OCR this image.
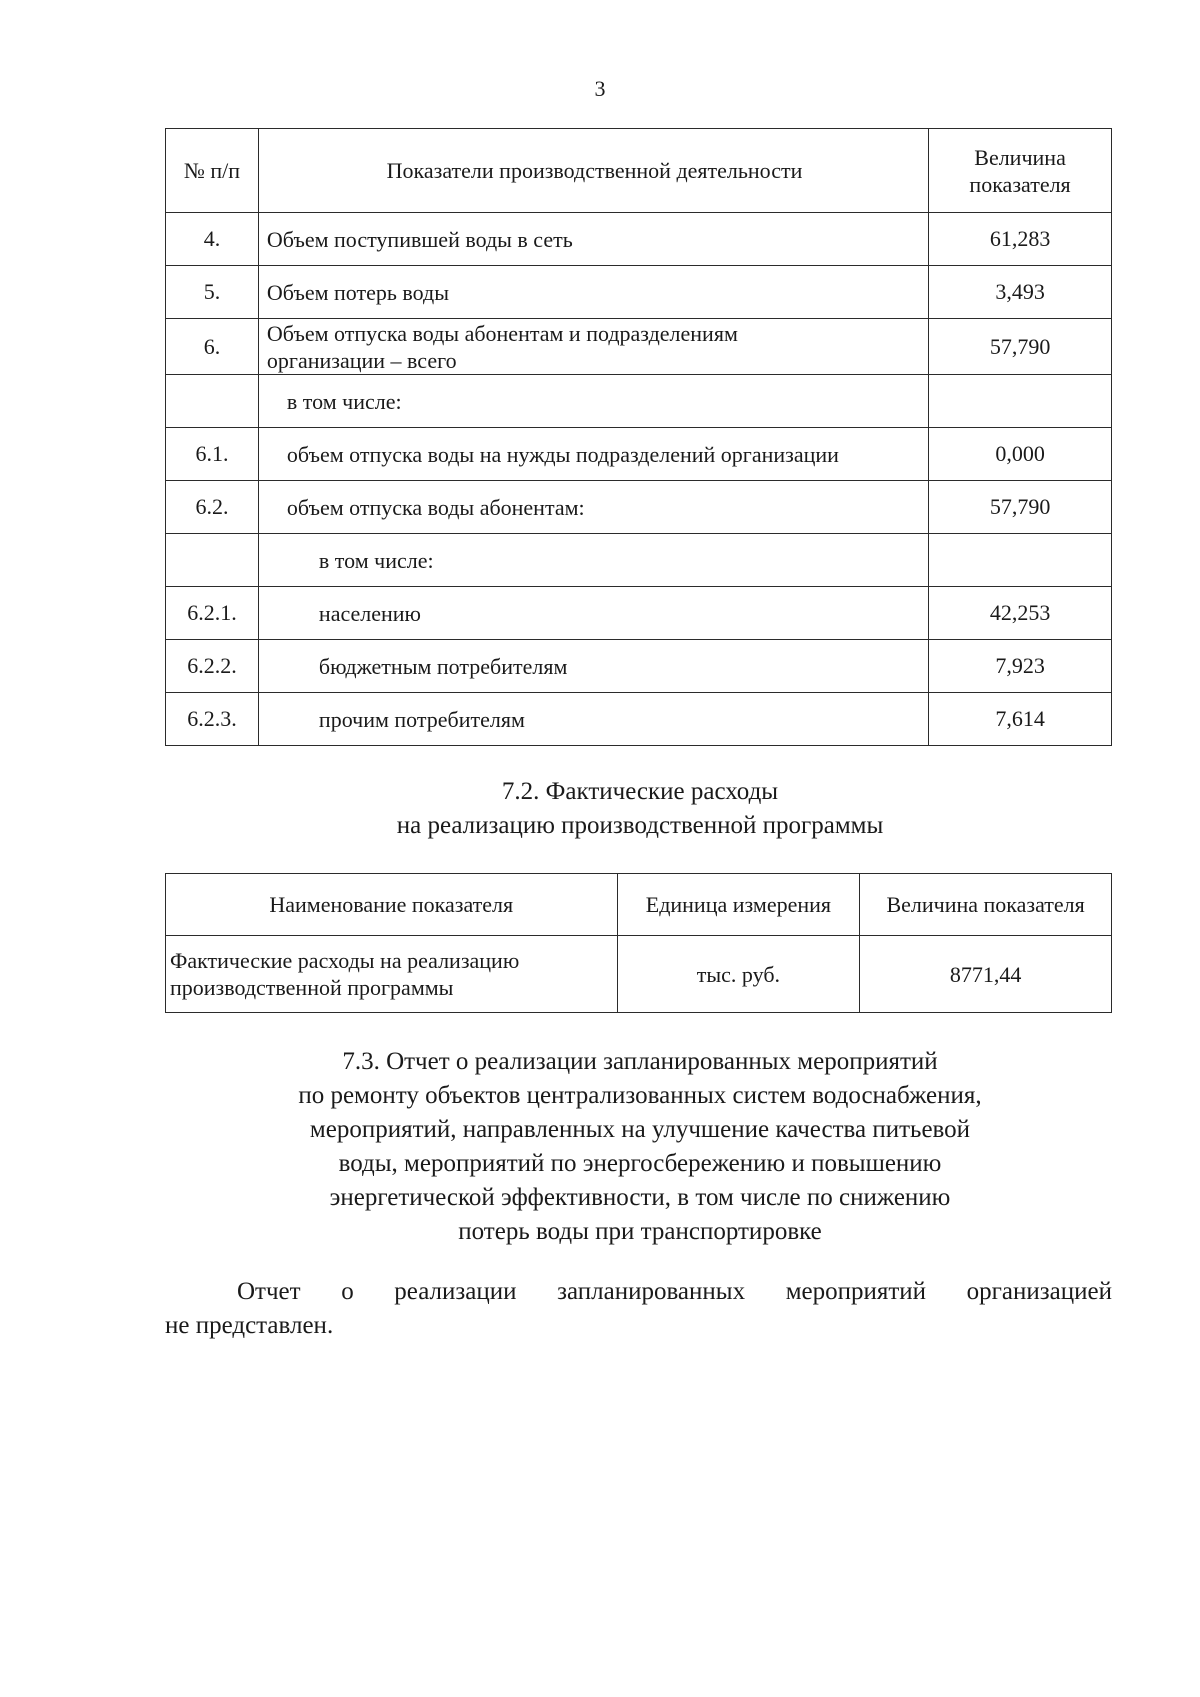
3
№ п/п	Показатели производственной деятельности	Величина
показателя
4.	Объем поступившей воды в сеть	61,283
5.	Объем потерь воды	3,493
6.	Объем отпуска воды абонентам и подразделениям
организации – всего	57,790
	в том числе:	
6.1.	объем отпуска воды на нужды подразделений организации	0,000
6.2.	объем отпуска воды абонентам:	57,790
	в том числе:	
6.2.1.	населению	42,253
6.2.2.	бюджетным потребителям	7,923
6.2.3.	прочим потребителям	7,614
7.2. Фактические расходы
на реализацию производственной программы
Наименование показателя	Единица измерения	Величина показателя
Фактические расходы на реализацию
производственной программы	тыс. руб.	8771,44
7.3. Отчет о реализации запланированных мероприятий
по ремонту объектов централизованных систем водоснабжения,
мероприятий, направленных на улучшение качества питьевой
воды, мероприятий по энергосбережению и повышению
энергетической эффективности, в том числе по снижению
потерь воды при транспортировке
Отчет о реализации запланированных мероприятий организацией
не представлен.
